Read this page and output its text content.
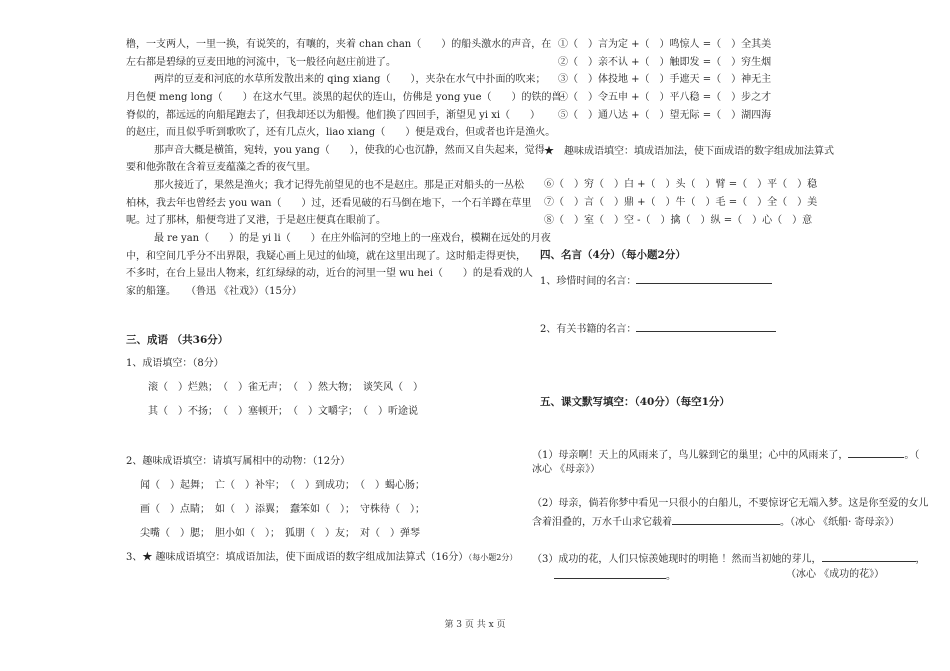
橹，一支两人，一里一换，有说笑的，有嚷的，夹着 chan chan（　　）的船头激水的声音，在
左右都是碧绿的豆麦田地的河流中，飞一般径向赵庄前进了。
两岸的豆麦和河底的水草所发散出来的 qing xiang（　　），夹杂在水气中扑面的吹来；
月色便 meng long（　　）在这水气里。淡黑的起伏的连山，仿佛是 yong yue（　　）的铁的兽
脊似的，都远远的向船尾跑去了，但我却还以为船慢。他们换了四回手，渐望见 yi xi（　　）
的赵庄，而且似乎听到歌吹了，还有几点火，liao xiang（　　）便是戏台，但或者也许是渔火。
那声音大概是横笛，宛转，you yang（　　），使我的心也沉静，然而又自失起来，觉得
要和他弥散在含着豆麦蕴藻之香的夜气里。
那火接近了，果然是渔火；我才记得先前望见的也不是赵庄。那是正对船头的一丛松
柏林，我去年也曾经去 you wan（　　）过，还看见破的石马倒在地下，一个石羊蹲在草里
呢。过了那林，船便弯进了叉港，于是赵庄便真在眼前了。
最 re yan（　　）的是 yi li（　　）在庄外临河的空地上的一座戏台，模糊在远处的月夜
中，和空间几乎分不出界限，我疑心画上见过的仙境，就在这里出现了。这时船走得更快，
不多时，在台上显出人物来，红红绿绿的动，近台的河里一望 wu hei（　　）的是看戏的人
家的船篷。　　（鲁迅 《社戏》）（15分）
三、成语 （共36分）
1、成语填空：（8分）
滚（　）烂熟；　（　）雀无声；　（　）然大物；　谈笑风（　）
其（　）不扬；　（　）塞顿开；　（　）文嚼字；　（　）听途说
2、趣味成语填空：请填写属相中的动物：（12分）
闻（　）起舞；　亡（　）补牢；　（　）到成功；　（　）蝎心肠；
画（　）点睛；　如（　）添翼；　蠢笨如（　）；　守株待（　）；
尖嘴（　）腮；　胆小如（　）；　狐朋（　）友；　对（　）弹琴
3、★ 趣味成语填空：填成语加法，使下面成语的数字组成加法算式（16分）（每小题2分）
①（　）言为定 +（　）鸣惊人 =（　）全其美
②（　）亲不认 +（　）触即发 =（　）穷生烟
③（　）体投地 +（　）手遮天 =（　）神无主
④（　）令五申 +（　）平八稳 =（　）步之才
⑤（　）通八达 +（　）望无际 =（　）湖四海
★　趣味成语填空：填成语加法，使下面成语的数字组成加法算式
⑥（　）穷（　）白 +（　）头（　）臂 =（　）平（　）稳
⑦（　）言（　）鼎 +（　）牛（　）毛 =（　）全（　）美
⑧（　）室（　）空 -（　）擒（　）纵 =（　）心（　）意
四、名言（4分）（每小题2分）
1、珍惜时间的名言：
2、有关书籍的名言：
五、课文默写填空：（40分）（每空1分）
（1）母亲啊！天上的风雨来了，鸟儿躲到它的巢里；心中的风雨来了，	。（
冰心 《母亲》）
（2）母亲，倘若你梦中看见一只很小的白船儿，不要惊讶它无端入梦。这是你至爱的女儿
含着泪叠的，万水千山求它载着	。（冰心 《纸船· 寄母亲》）
（3）成功的花，人们只惊羡她现时的明艳 ！然而当初她的芽儿，	，
。	（冰心 《成功的花》）
第 3 页 共 x 页
